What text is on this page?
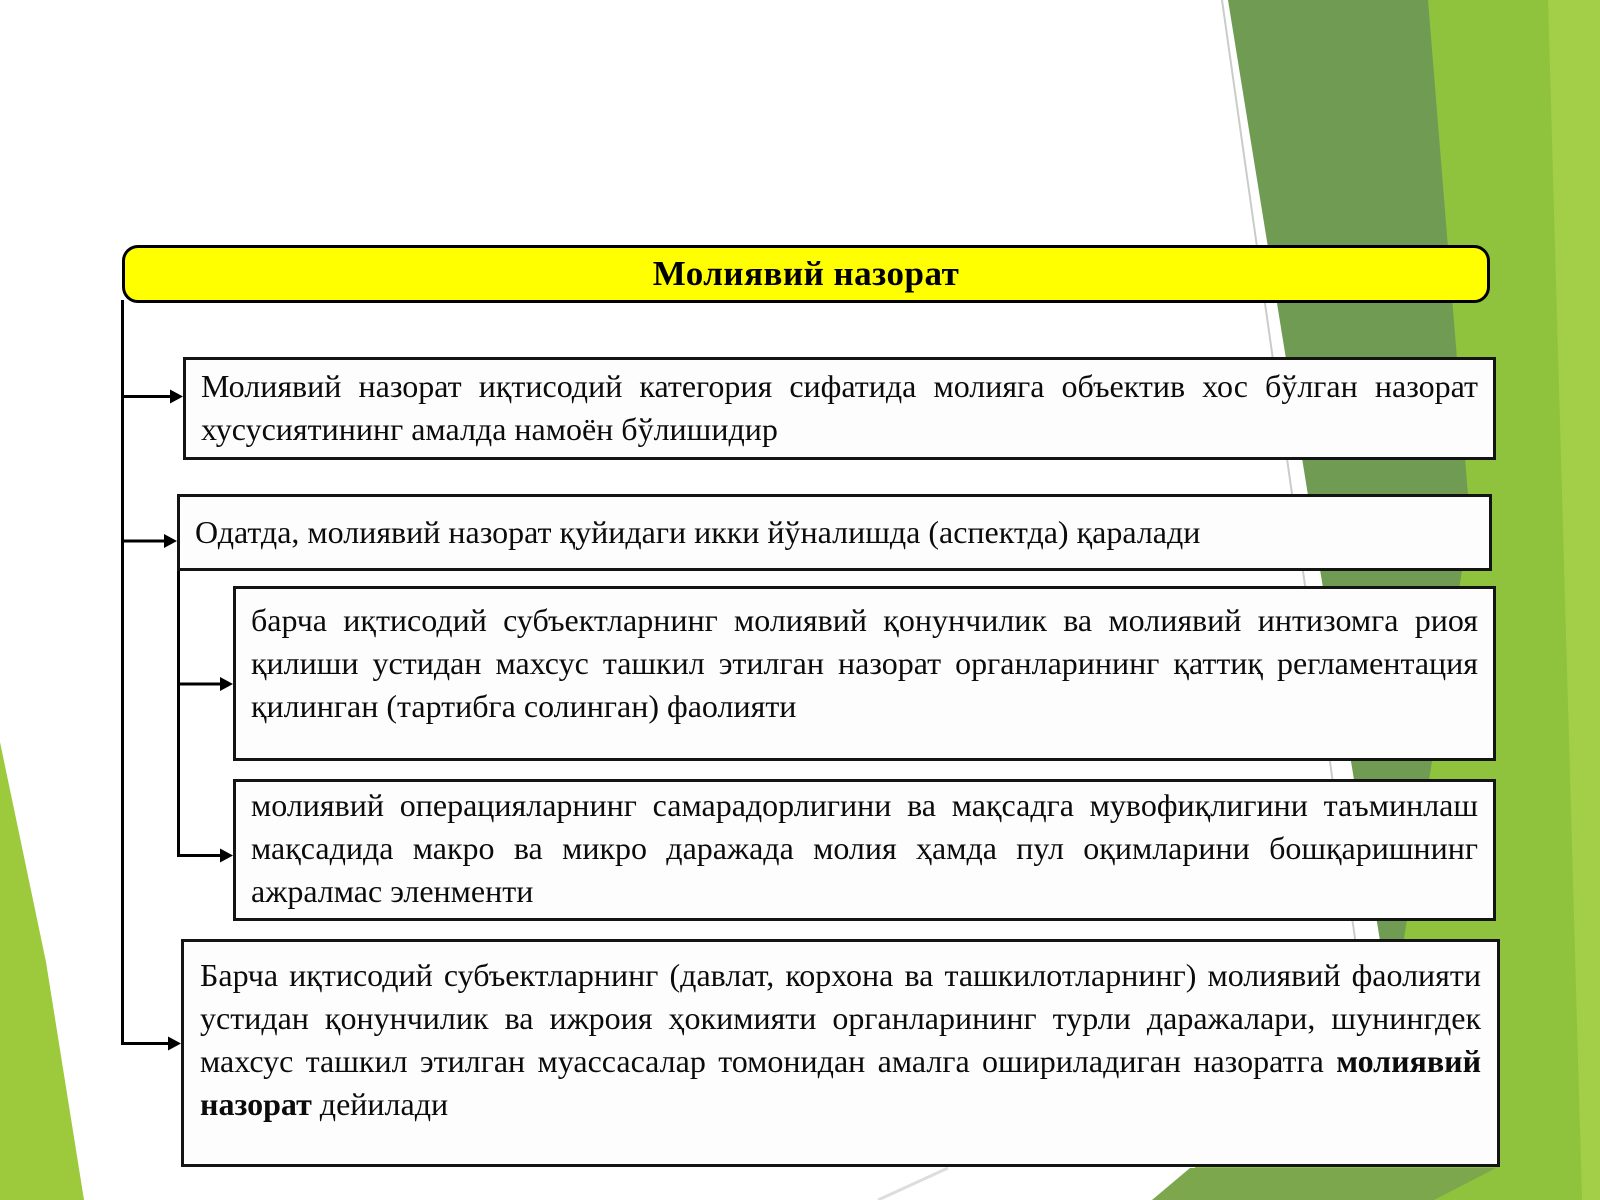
Молиявий назорат

Молиявий назорат иқтисодий категория сифатида молияга объектив хос бўлган назорат хусусиятининг амалда намоён бўлишидир

Одатда, молиявий назорат қуйидаги икки йўналишда (аспектда) қаралади

барча иқтисодий субъектларнинг молиявий қонунчилик ва молиявий интизомга риоя қилиши устидан махсус ташкил этилган назорат органларининг қаттиқ регламентация қилинган (тартибга солинган) фаолияти

молиявий операцияларнинг самарадорлигини ва мақсадга мувофиқлигини таъминлаш мақсадида макро ва микро даражада молия ҳамда пул оқимларини бошқаришнинг ажралмас эленменти

Барча иқтисодий субъектларнинг (давлат, корхона ва ташкилотларнинг) молиявий фаолияти устидан қонунчилик ва ижроия ҳокимияти органларининг турли даражалари, шунингдек махсус ташкил этилган муассасалар томонидан амалга ошириладиган назоратга молиявий назорат дейилади
